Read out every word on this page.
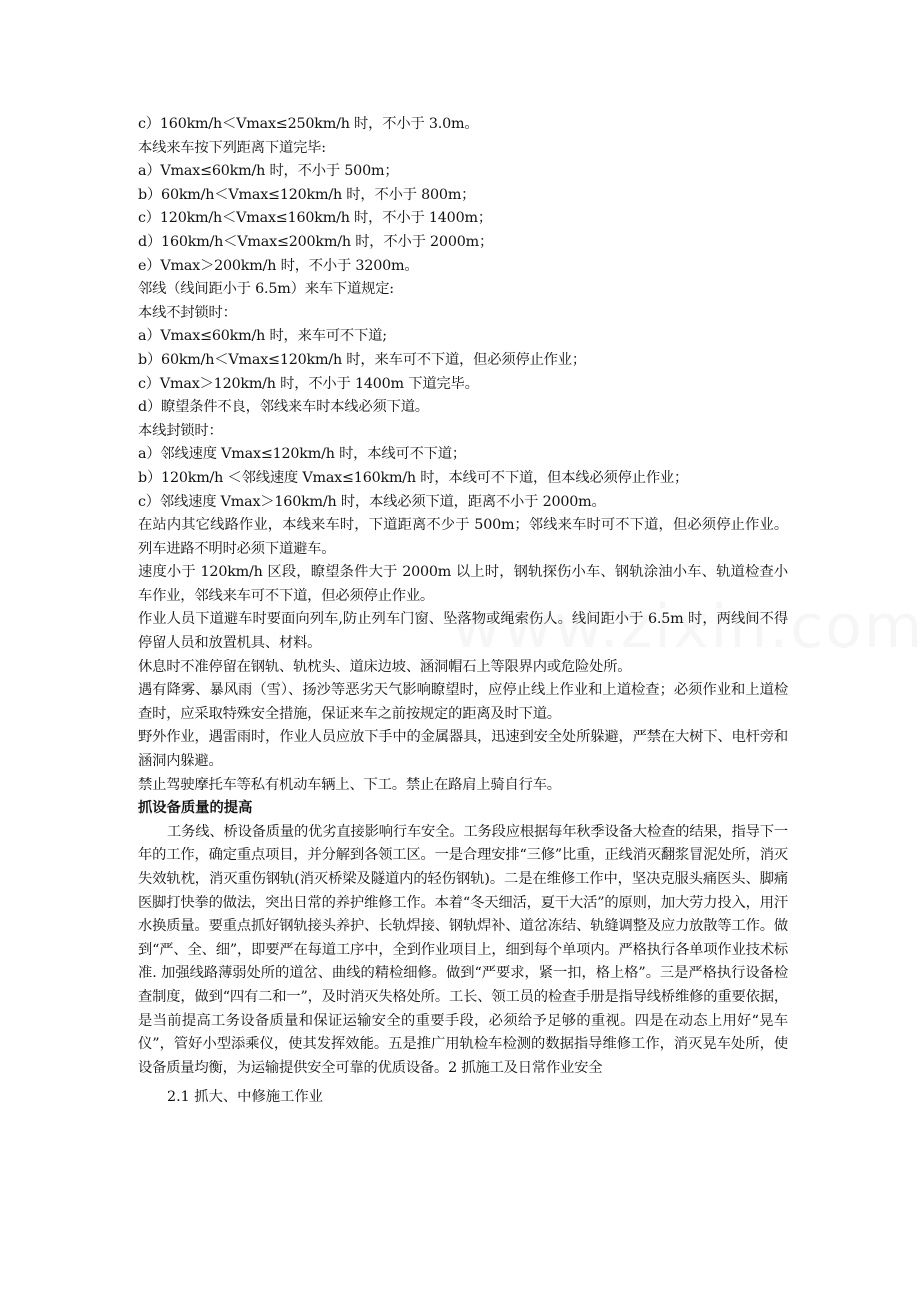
c）160km/h＜Vmax≤250km/h 时，不小于 3.0m。
本线来车按下列距离下道完毕:
a）Vmax≤60km/h 时，不小于 500m；
b）60km/h＜Vmax≤120km/h 时，不小于 800m；
c）120km/h＜Vmax≤160km/h 时，不小于 1400m；
d）160km/h＜Vmax≤200km/h 时，不小于 2000m；
e）Vmax＞200km/h 时，不小于 3200m。
邻线（线间距小于 6.5m）来车下道规定:
本线不封锁时：
a）Vmax≤60km/h 时，来车可不下道;
b）60km/h＜Vmax≤120km/h 时，来车可不下道，但必须停止作业；
c）Vmax＞120km/h 时，不小于 1400m 下道完毕。
d）瞭望条件不良，邻线来车时本线必须下道。
本线封锁时：
a）邻线速度 Vmax≤120km/h 时，本线可不下道；
b）120km/h ＜邻线速度 Vmax≤160km/h 时，本线可不下道，但本线必须停止作业；
c）邻线速度 Vmax＞160km/h 时，本线必须下道，距离不小于 2000m。
在站内其它线路作业，本线来车时，下道距离不少于 500m；邻线来车时可不下道，但必须停止作业。列车进路不明时必须下道避车。
速度小于 120km/h 区段，瞭望条件大于 2000m 以上时，钢轨探伤小车、钢轨涂油小车、轨道检查小车作业，邻线来车可不下道，但必须停止作业。
作业人员下道避车时要面向列车,防止列车门窗、坠落物或绳索伤人。线间距小于 6.5m 时，两线间不得停留人员和放置机具、材料。
休息时不准停留在钢轨、轨枕头、道床边坡、涵洞帽石上等限界内或危险处所。
遇有降雾、暴风雨（雪）、扬沙等恶劣天气影响瞭望时，应停止线上作业和上道检查；必须作业和上道检查时，应采取特殊安全措施，保证来车之前按规定的距离及时下道。
野外作业，遇雷雨时，作业人员应放下手中的金属器具，迅速到安全处所躲避，严禁在大树下、电杆旁和涵洞内躲避。
禁止驾驶摩托车等私有机动车辆上、下工。禁止在路肩上骑自行车。
抓设备质量的提高
工务线、桥设备质量的优劣直接影响行车安全。工务段应根据每年秋季设备大检查的结果，指导下一年的工作，确定重点项目，并分解到各领工区。一是合理安排“三修”比重，正线消灭翻浆冒泥处所，消灭失效轨枕，消灭重伤钢轨(消灭桥梁及隧道内的轻伤钢轨)。二是在维修工作中，坚决克服头痛医头、脚痛医脚打快拳的做法，突出日常的养护维修工作。本着“冬天细活，夏干大活”的原则，加大劳力投入，用汗水换质量。要重点抓好钢轨接头养护、长轨焊接、钢轨焊补、道岔冻结、轨缝调整及应力放散等工作。做到“严、全、细”，即要严在每道工序中，全到作业项目上，细到每个单项内。严格执行各单项作业技术标准. 加强线路薄弱处所的道岔、曲线的精检细修。做到“严要求，紧一扣，格上格”。三是严格执行设备检查制度，做到“四有二和一”，及时消灭失格处所。工长、领工员的检查手册是指导线桥维修的重要依据，是当前提高工务设备质量和保证运输安全的重要手段，必须给予足够的重视。四是在动态上用好“晃车仪”，管好小型添乘仪，使其发挥效能。五是推广用轨检车检测的数据指导维修工作，消灭晃车处所，使设备质量均衡，为运输提供安全可靠的优质设备。2 抓施工及日常作业安全
2.1 抓大、中修施工作业
